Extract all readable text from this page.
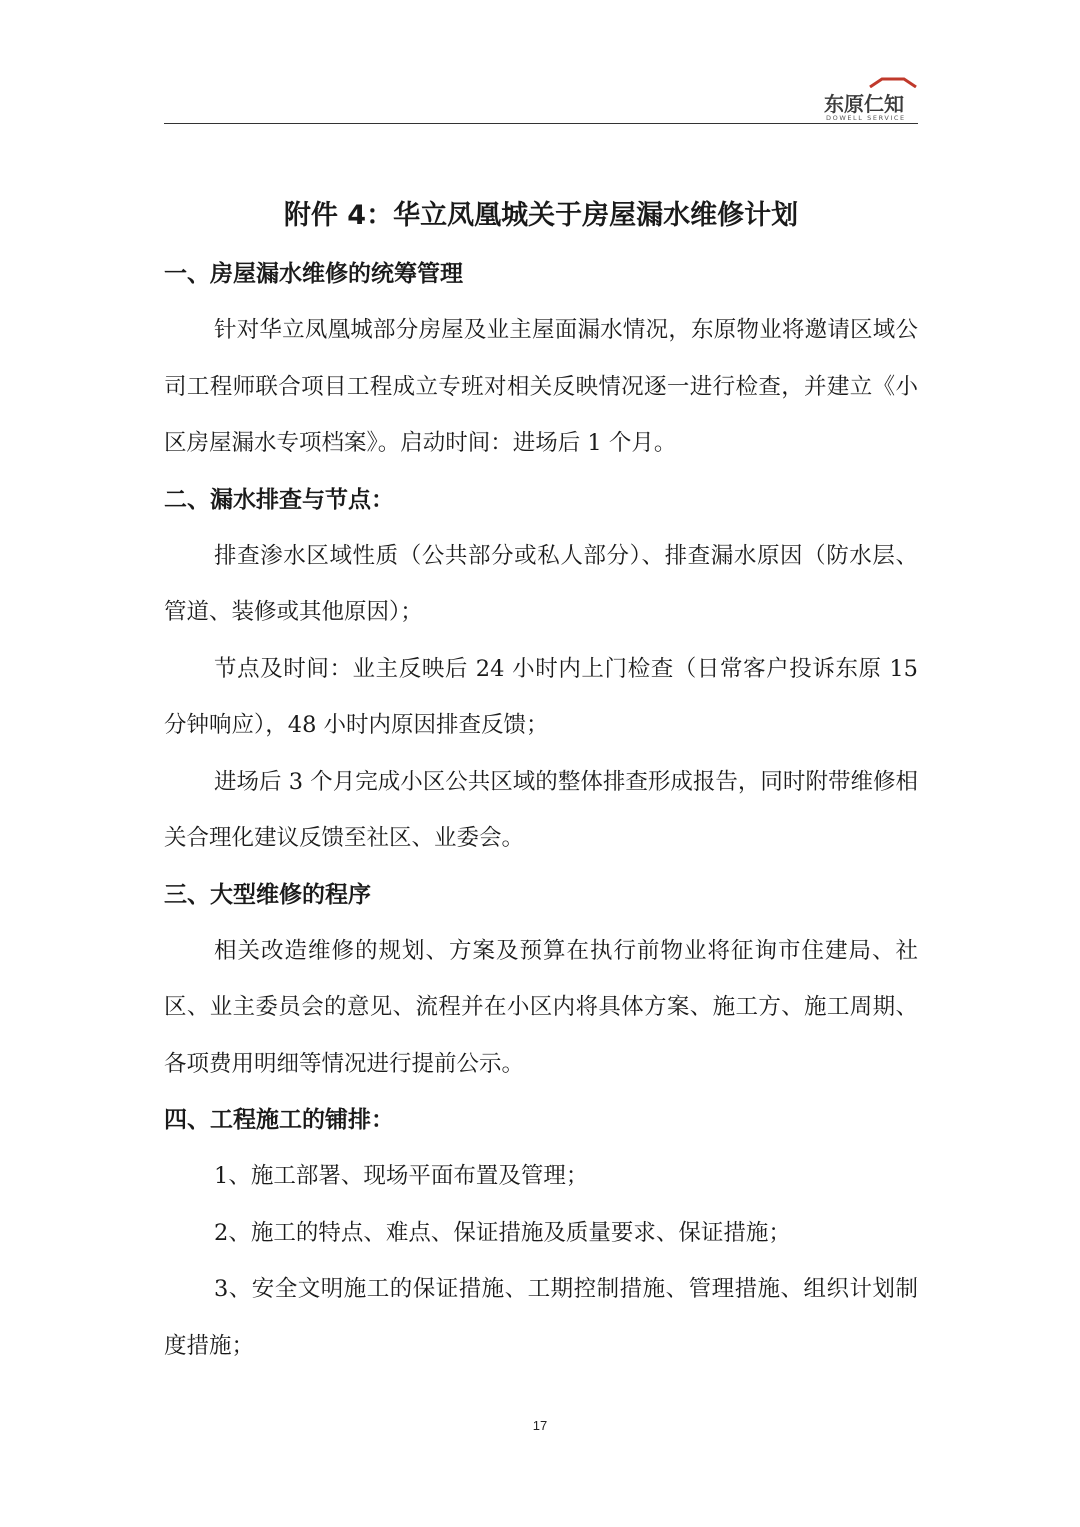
东原仁知
DOWELL SERVICE
附件 4：华立凤凰城关于房屋漏水维修计划
一、房屋漏水维修的统筹管理

针对华立凤凰城部分房屋及业主屋面漏水情况，东原物业将邀请区域公司工程师联合项目工程成立专班对相关反映情况逐一进行检查，并建立《小区房屋漏水专项档案》。启动时间：进场后 1 个月。

二、漏水排查与节点：

排查渗水区域性质（公共部分或私人部分）、排查漏水原因（防水层、管道、装修或其他原因）；

节点及时间：业主反映后 24 小时内上门检查（日常客户投诉东原 15 分钟响应），48 小时内原因排查反馈；

进场后 3 个月完成小区公共区域的整体排查形成报告，同时附带维修相关合理化建议反馈至社区、业委会。

三、大型维修的程序

相关改造维修的规划、方案及预算在执行前物业将征询市住建局、社区、业主委员会的意见、流程并在小区内将具体方案、施工方、施工周期、各项费用明细等情况进行提前公示。

四、工程施工的铺排：

1、施工部署、现场平面布置及管理；

2、施工的特点、难点、保证措施及质量要求、保证措施；

3、安全文明施工的保证措施、工期控制措施、管理措施、组织计划制度措施；

17
